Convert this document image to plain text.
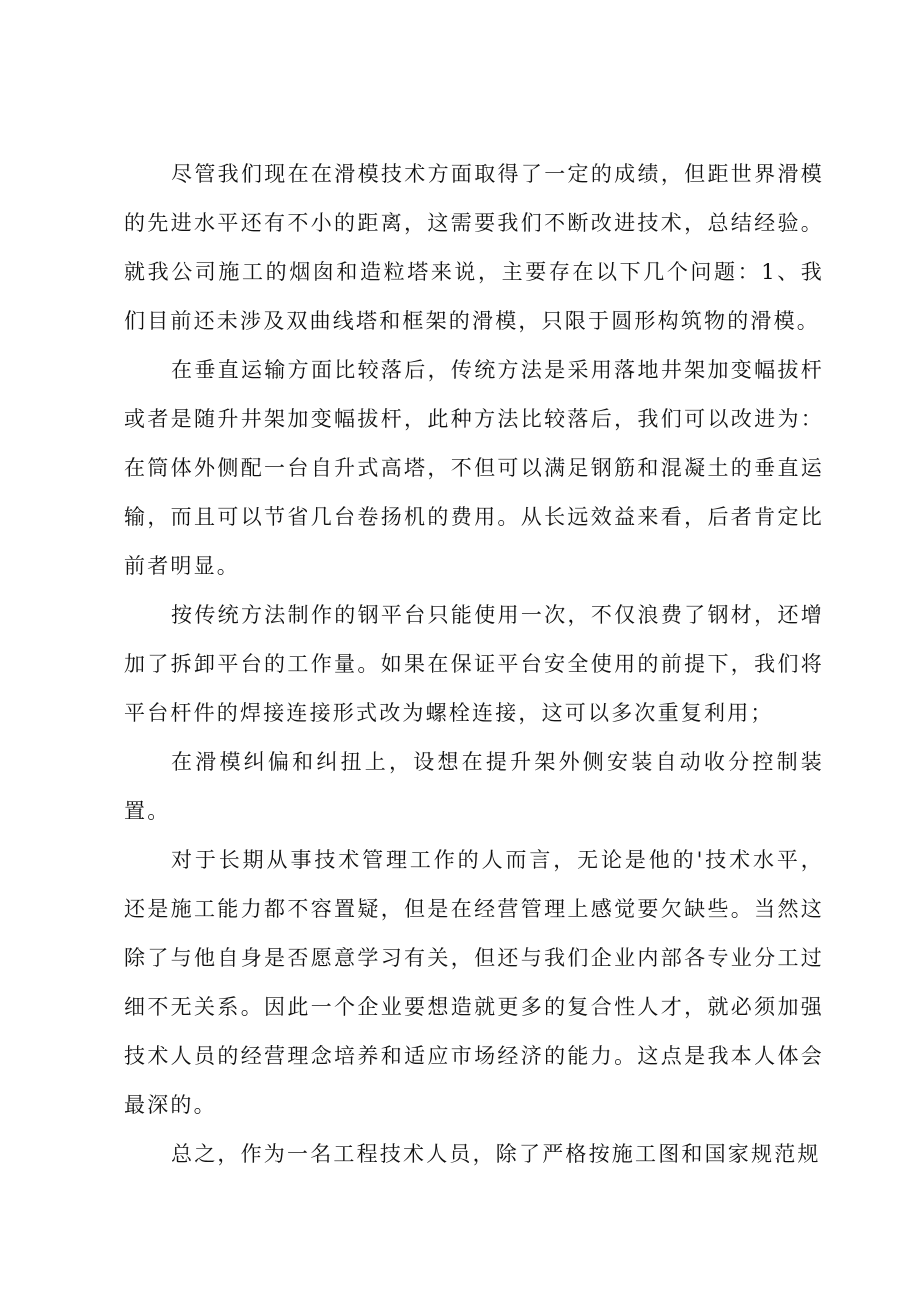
尽管我们现在在滑模技术方面取得了一定的成绩，但距世界滑模的先进水平还有不小的距离，这需要我们不断改进技术，总结经验。就我公司施工的烟囱和造粒塔来说，主要存在以下几个问题：1、我们目前还未涉及双曲线塔和框架的滑模，只限于圆形构筑物的滑模。

在垂直运输方面比较落后，传统方法是采用落地井架加变幅拔杆或者是随升井架加变幅拔杆，此种方法比较落后，我们可以改进为：在筒体外侧配一台自升式高塔，不但可以满足钢筋和混凝土的垂直运输，而且可以节省几台卷扬机的费用。从长远效益来看，后者肯定比前者明显。

按传统方法制作的钢平台只能使用一次，不仅浪费了钢材，还增加了拆卸平台的工作量。如果在保证平台安全使用的前提下，我们将平台杆件的焊接连接形式改为螺栓连接，这可以多次重复利用；

在滑模纠偏和纠扭上，设想在提升架外侧安装自动收分控制装置。

对于长期从事技术管理工作的人而言，无论是他的'技术水平，还是施工能力都不容置疑，但是在经营管理上感觉要欠缺些。当然这除了与他自身是否愿意学习有关，但还与我们企业内部各专业分工过细不无关系。因此一个企业要想造就更多的复合性人才，就必须加强技术人员的经营理念培养和适应市场经济的能力。这点是我本人体会最深的。

总之，作为一名工程技术人员，除了严格按施工图和国家规范规
